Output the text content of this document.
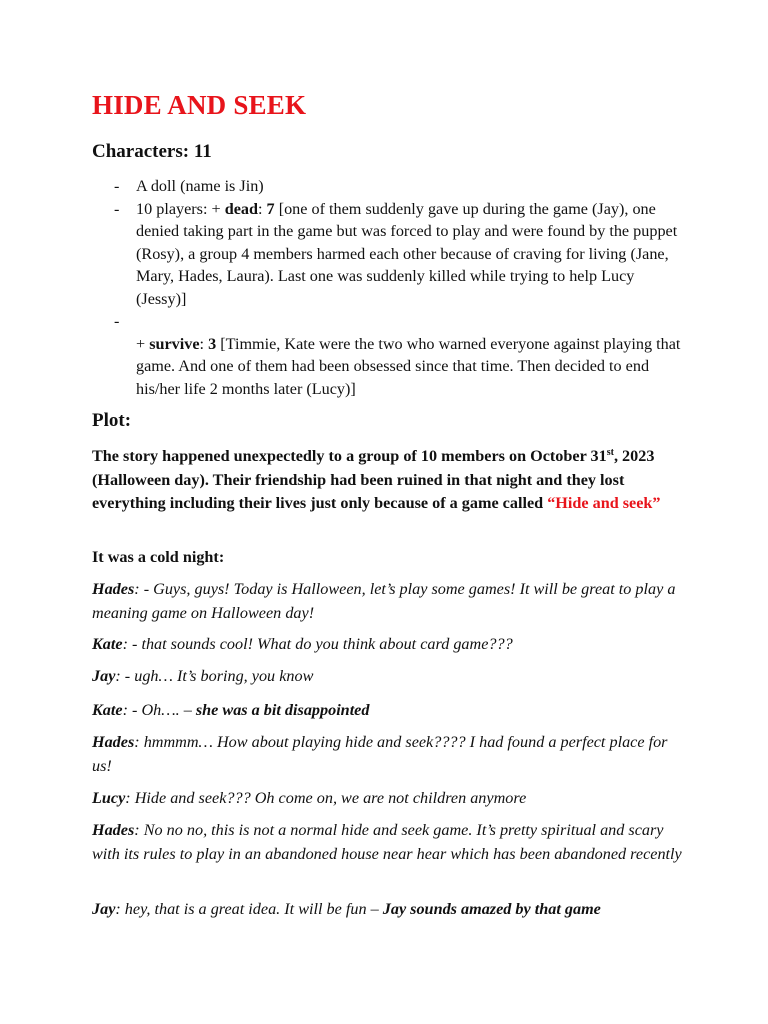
HIDE AND SEEK
Characters: 11
- A doll (name is Jin)
- 10 players: + dead: 7 [one of them suddenly gave up during the game (Jay), one denied taking part in the game but was forced to play and were found by the puppet (Rosy), a group 4 members harmed each other because of craving for living (Jane, Mary, Hades, Laura). Last one was suddenly killed while trying to help Lucy (Jessy)]
-

+ survive: 3 [Timmie, Kate were the two who warned everyone against playing that game. And one of them had been obsessed since that time. Then decided to end his/her life 2 months later (Lucy)]
Plot:
The story happened unexpectedly to a group of 10 members on October 31st, 2023 (Halloween day). Their friendship had been ruined in that night and they lost everything including their lives just only because of a game called “Hide and seek”
It was a cold night:
Hades: - Guys, guys! Today is Halloween, let’s play some games! It will be great to play a meaning game on Halloween day!
Kate: - that sounds cool! What do you think about card game???
Jay: - ugh… It’s boring, you know
Kate: - Oh…. – she was a bit disappointed
Hades: hmmmm… How about playing hide and seek???? I had found a perfect place for us!
Lucy: Hide and seek??? Oh come on, we are not children anymore
Hades: No no no, this is not a normal hide and seek game. It’s pretty spiritual and scary with its rules to play in an abandoned house near hear which has been abandoned recently
Jay: hey, that is a great idea. It will be fun – Jay sounds amazed by that game
